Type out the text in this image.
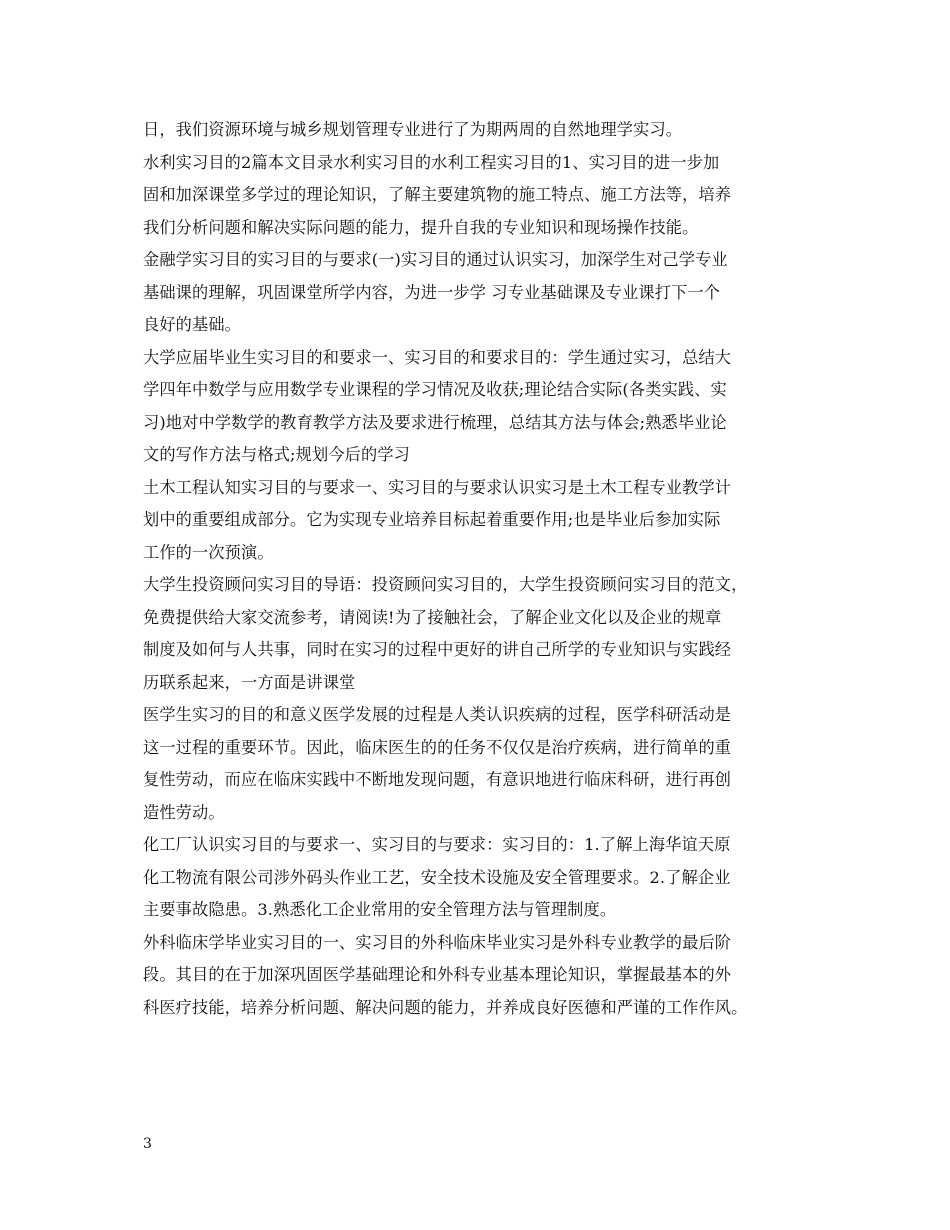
日，我们资源环境与城乡规划管理专业进行了为期两周的自然地理学实习。
水利实习目的2篇本文目录水利实习目的水利工程实习目的1、实习目的进一步加
固和加深课堂多学过的理论知识，了解主要建筑物的施工特点、施工方法等，培养
我们分析问题和解决实际问题的能力，提升自我的专业知识和现场操作技能。
金融学实习目的实习目的与要求(一)实习目的通过认识实习，加深学生对己学专业
基础课的理解，巩固课堂所学内容，为进一步学 习专业基础课及专业课打下一个
良好的基础。
大学应届毕业生实习目的和要求一、实习目的和要求目的：学生通过实习，总结大
学四年中数学与应用数学专业课程的学习情况及收获;理论结合实际(各类实践、实
习)地对中学数学的教育教学方法及要求进行梳理，总结其方法与体会;熟悉毕业论
文的写作方法与格式;规划今后的学习
土木工程认知实习目的与要求一、实习目的与要求认识实习是土木工程专业教学计
划中的重要组成部分。它为实现专业培养目标起着重要作用;也是毕业后参加实际
工作的一次预演。
大学生投资顾问实习目的导语：投资顾问实习目的，大学生投资顾问实习目的范文，
免费提供给大家交流参考，请阅读!为了接触社会，了解企业文化以及企业的规章
制度及如何与人共事，同时在实习的过程中更好的讲自己所学的专业知识与实践经
历联系起来，一方面是讲课堂
医学生实习的目的和意义医学发展的过程是人类认识疾病的过程，医学科研活动是
这一过程的重要环节。因此，临床医生的的任务不仅仅是治疗疾病，进行简单的重
复性劳动，而应在临床实践中不断地发现问题，有意识地进行临床科研，进行再创
造性劳动。
化工厂认识实习目的与要求一、实习目的与要求：实习目的：1.了解上海华谊天原
化工物流有限公司涉外码头作业工艺，安全技术设施及安全管理要求。2.了解企业
主要事故隐患。3.熟悉化工企业常用的安全管理方法与管理制度。
外科临床学毕业实习目的一、实习目的外科临床毕业实习是外科专业教学的最后阶
段。其目的在于加深巩固医学基础理论和外科专业基本理论知识，掌握最基本的外
科医疗技能，培养分析问题、解决问题的能力，并养成良好医德和严谨的工作作风。
3
